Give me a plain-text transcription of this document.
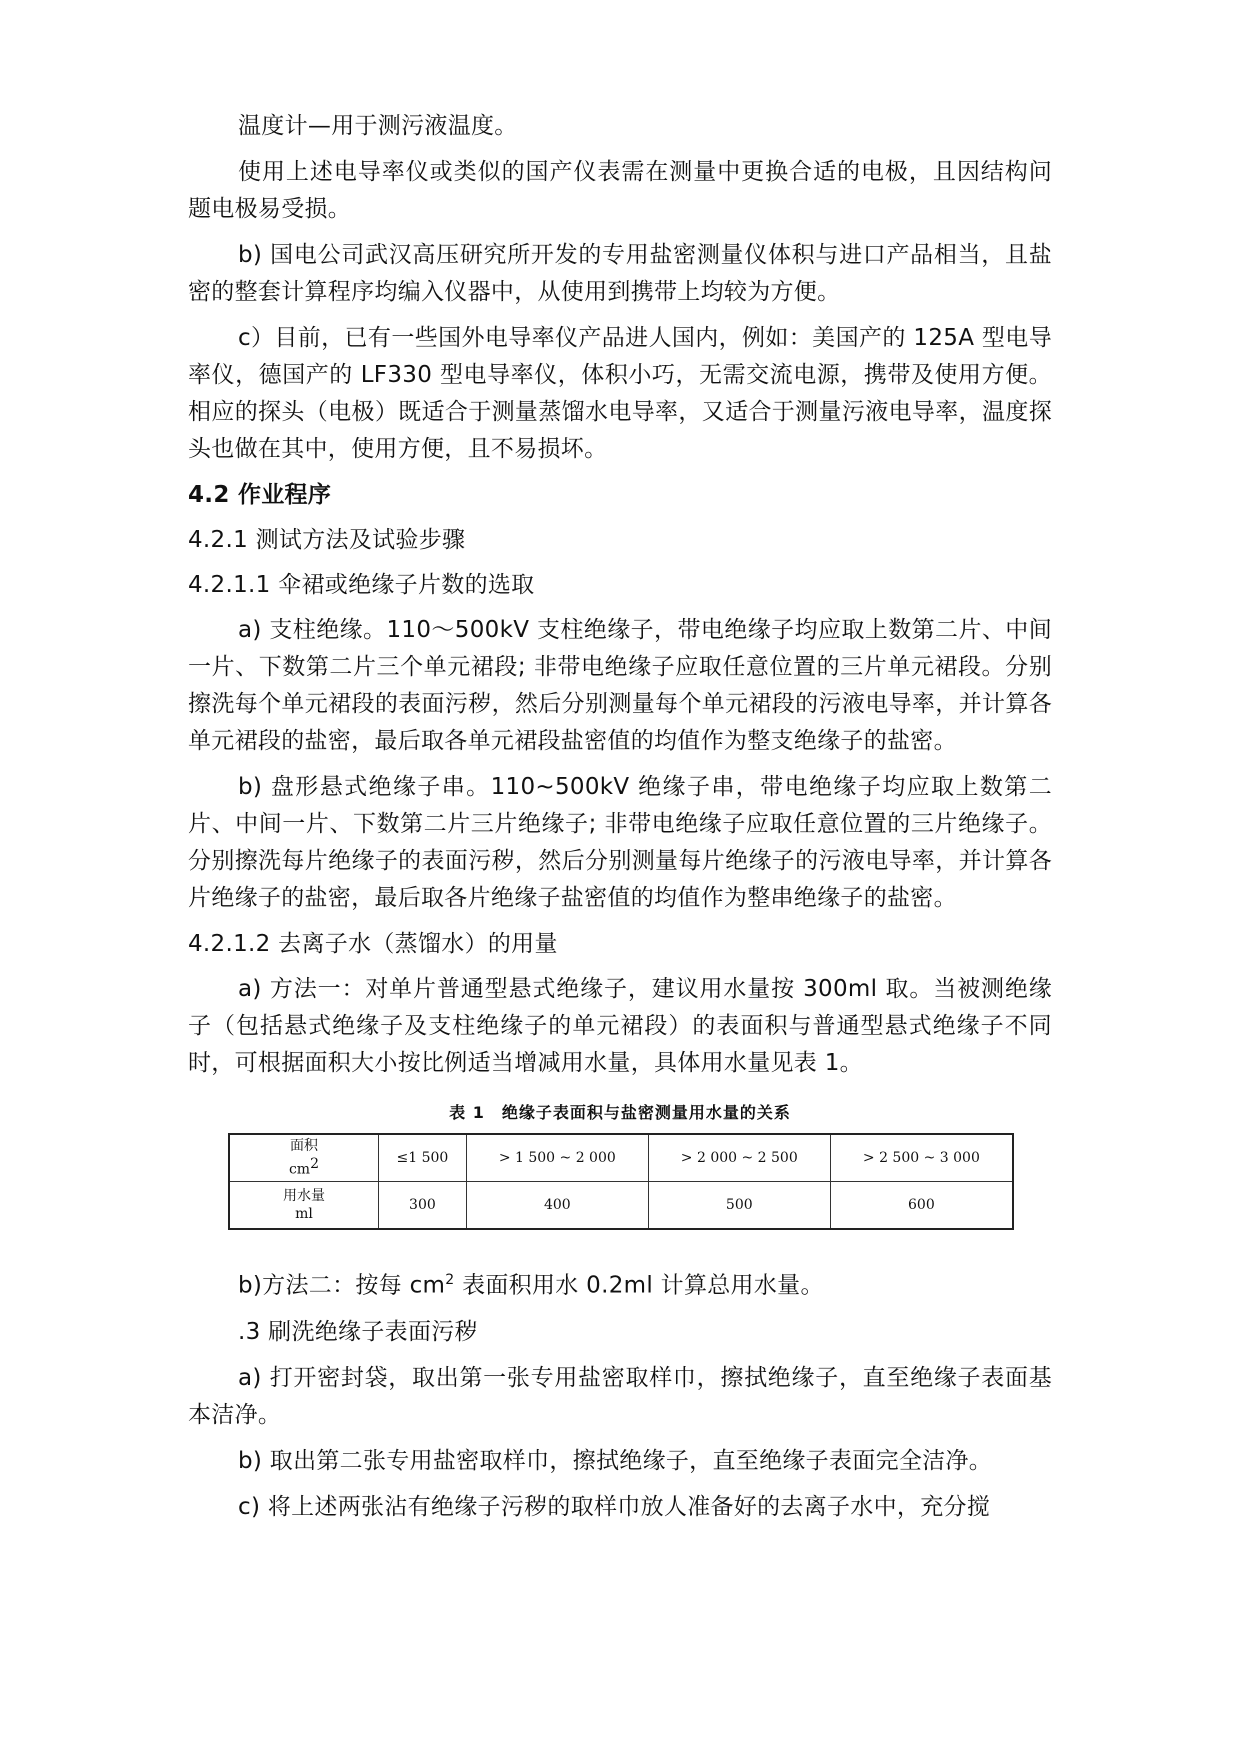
温度计—用于测污液温度。

使用上述电导率仪或类似的国产仪表需在测量中更换合适的电极，且因结构问题电极易受损。

b) 国电公司武汉高压研究所开发的专用盐密测量仪体积与进口产品相当，且盐密的整套计算程序均编入仪器中，从使用到携带上均较为方便。

c）目前，已有一些国外电导率仪产品进人国内，例如：美国产的 125A 型电导率仪，德国产的 LF330 型电导率仪，体积小巧，无需交流电源，携带及使用方便。相应的探头（电极）既适合于测量蒸馏水电导率，又适合于测量污液电导率，温度探头也做在其中，使用方便，且不易损坏。

4.2 作业程序

4.2.1 测试方法及试验步骤

4.2.1.1 伞裙或绝缘子片数的选取

a) 支柱绝缘。110～500kV 支柱绝缘子，带电绝缘子均应取上数第二片、中间一片、下数第二片三个单元裙段; 非带电绝缘子应取任意位置的三片单元裙段。分别擦洗每个单元裙段的表面污秽，然后分别测量每个单元裙段的污液电导率，并计算各单元裙段的盐密，最后取各单元裙段盐密值的均值作为整支绝缘子的盐密。

b) 盘形悬式绝缘子串。110~500kV 绝缘子串，带电绝缘子均应取上数第二片、中间一片、下数第二片三片绝缘子; 非带电绝缘子应取任意位置的三片绝缘子。分别擦洗每片绝缘子的表面污秽，然后分别测量每片绝缘子的污液电导率，并计算各片绝缘子的盐密，最后取各片绝缘子盐密值的均值作为整串绝缘子的盐密。

4.2.1.2 去离子水（蒸馏水）的用量

a) 方法一：对单片普通型悬式绝缘子，建议用水量按 300ml 取。当被测绝缘子（包括悬式绝缘子及支柱绝缘子的单元裙段）的表面积与普通型悬式绝缘子不同时，可根据面积大小按比例适当增减用水量，具体用水量见表 1。

表 1　绝缘子表面积与盐密测量用水量的关系
面积
$cm^2$	≤1 500	> 1 500 ~ 2 000	> 2 000 ~ 2 500	> 2 500 ~ 3 000
用水量
ml	300	400	500	600

b)方法二：按每 $cm^2$ 表面积用水 0.2ml 计算总用水量。

.3 刷洗绝缘子表面污秽

a) 打开密封袋，取出第一张专用盐密取样巾，擦拭绝缘子，直至绝缘子表面基本洁净。

b) 取出第二张专用盐密取样巾，擦拭绝缘子，直至绝缘子表面完全洁净。

c) 将上述两张沾有绝缘子污秽的取样巾放人准备好的去离子水中，充分搅
